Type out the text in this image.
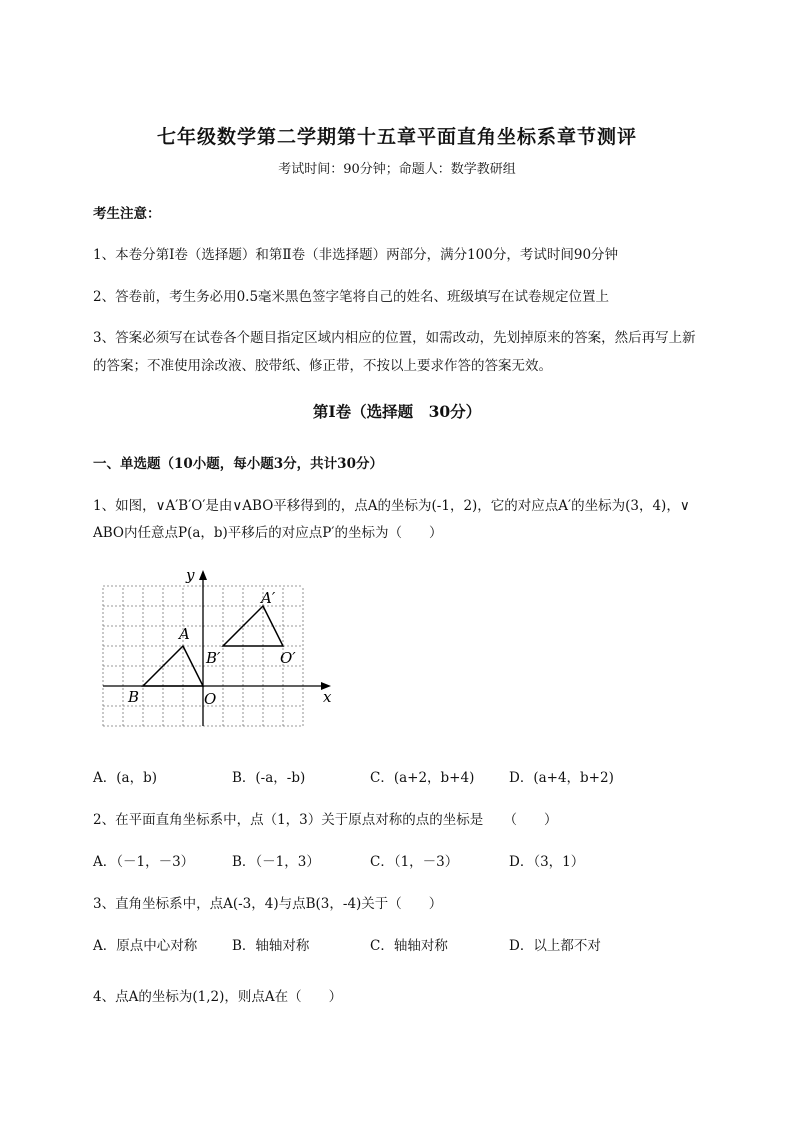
七年级数学第二学期第十五章平面直角坐标系章节测评
考试时间：90分钟；命题人：数学教研组
考生注意：
1、本卷分第Ⅰ卷（选择题）和第Ⅱ卷（非选择题）两部分，满分100分，考试时间90分钟
2、答卷前，考生务必用0.5毫米黑色签字笔将自己的姓名、班级填写在试卷规定位置上
3、答案必须写在试卷各个题目指定区域内相应的位置，如需改动，先划掉原来的答案，然后再写上新
的答案；不准使用涂改液、胶带纸、修正带，不按以上要求作答的答案无效。
第Ⅰ卷（选择题　30分）
一、单选题（10小题，每小题3分，共计30分）
1、如图，∨A′B′O′是由∨ABO平移得到的，点A的坐标为(-1，2)，它的对应点A′的坐标为(3，4)，∨
ABO内任意点P(a，b)平移后的对应点P′的坐标为（　　）
x
y
A
B	O
A′
B′	O′
A．(a，b)	B．(-a，-b)	C．(a+2，b+4)	D．(a+4，b+2)
2、在平面直角坐标系中，点（1，3）关于原点对称的点的坐标是　　（　　）
A．（－1，－3）	B．（－1，3）	C．（1，－3）	D．（3，1）
3、直角坐标系中，点A(-3，4)与点B(3，-4)关于（　　）
A．原点中心对称	B．轴轴对称	C．轴轴对称	D．以上都不对
4、点A的坐标为(1,2)，则点A在（　　）
